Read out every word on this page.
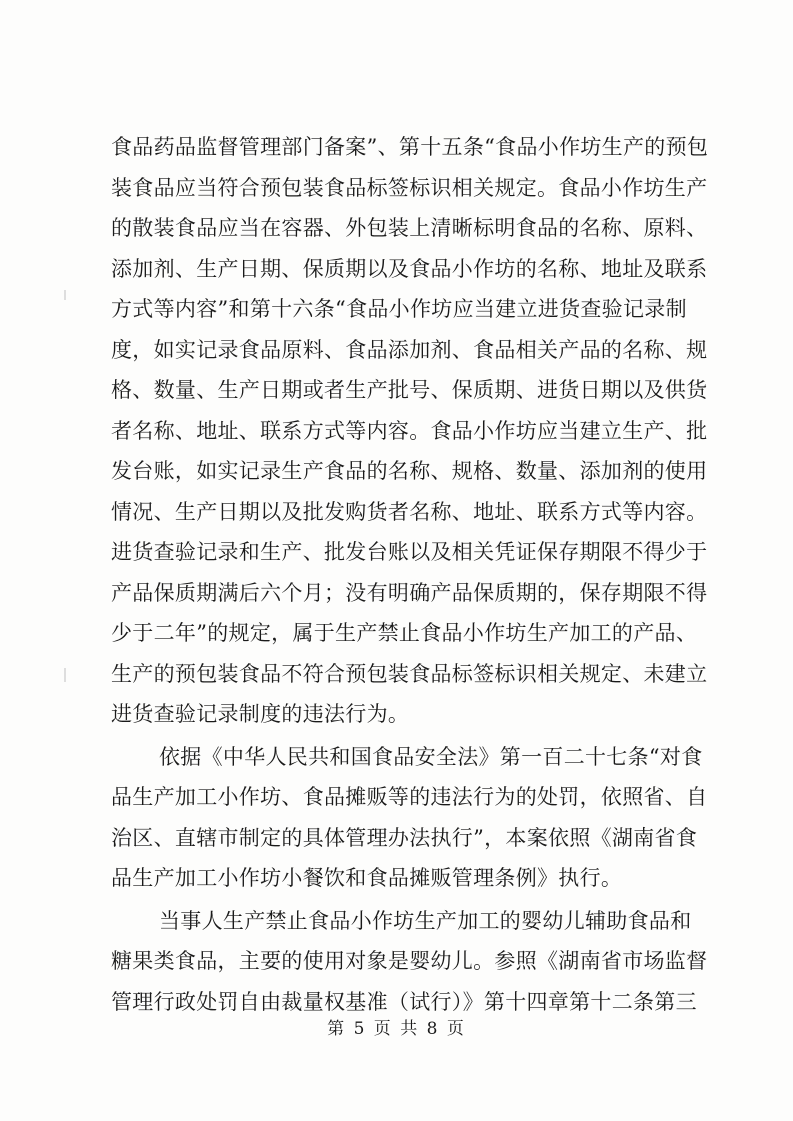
食品药品监督管理部门备案”、第十五条“食品小作坊生产的预包
装食品应当符合预包装食品标签标识相关规定。食品小作坊生产
的散装食品应当在容器、外包装上清晰标明食品的名称、原料、
添加剂、生产日期、保质期以及食品小作坊的名称、地址及联系
方式等内容”和第十六条“食品小作坊应当建立进货查验记录制
度，如实记录食品原料、食品添加剂、食品相关产品的名称、规
格、数量、生产日期或者生产批号、保质期、进货日期以及供货
者名称、地址、联系方式等内容。食品小作坊应当建立生产、批
发台账，如实记录生产食品的名称、规格、数量、添加剂的使用
情况、生产日期以及批发购货者名称、地址、联系方式等内容。
进货查验记录和生产、批发台账以及相关凭证保存期限不得少于
产品保质期满后六个月；没有明确产品保质期的，保存期限不得
少于二年”的规定，属于生产禁止食品小作坊生产加工的产品、
生产的预包装食品不符合预包装食品标签标识相关规定、未建立
进货查验记录制度的违法行为。
依据《中华人民共和国食品安全法》第一百二十七条“对食
品生产加工小作坊、食品摊贩等的违法行为的处罚，依照省、自
治区、直辖市制定的具体管理办法执行”，本案依照《湖南省食
品生产加工小作坊小餐饮和食品摊贩管理条例》执行。
当事人生产禁止食品小作坊生产加工的婴幼儿辅助食品和
糖果类食品，主要的使用对象是婴幼儿。参照《湖南省市场监督
管理行政处罚自由裁量权基准（试行）》第十四章第十二条第三
第 5 页 共 8 页
